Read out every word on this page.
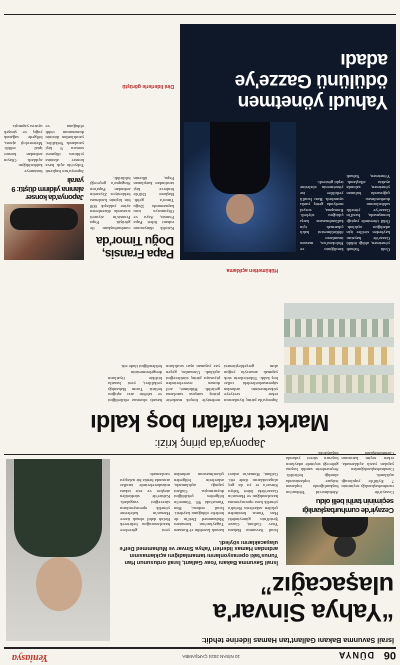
06
DÜNYA
10 NİSAN 2024 ÇARŞAMBA
Yeniasya
İsrail Savunma Bakanı Gallant'tan Hamas liderine tehdit:
“Yahya Sinvar'a ulaşacağız”
İsrail Savunma Bakanı Yoav Gallant, İsrail ordusunun Han Yunus'taki operasyonlarını tamamladığını açıklamasının ardından Hamas liderleri Yahya Sinvar ve Muhammed Deif'e ulaşacaklarını söyledi.
İsrail Savunma Bakanı Yoav Gallant, Gazze Şeridi'nin güneyindeki Han Yunus kentinden çekilen askerlerin Refah'a yönelik kara operasyonuna hazırlandığını ve Hamas'ın Gazze'deki lideri Yahya Sinvar'a er ya da geç ulaşacaklarını ifade etti. Gallant, Hamas'ın askeri kanadı İzzeddin el-Kassam Tugayları'nın komutanı Muhammed Deif'in de hedefte olduğunu kaydetti. İsrail ordusu, Han Yunus'taki 98. Tümen'in bölgeden çekildiğini duyurmuştu. Gallant yaptığı açıklamada, askerlerin bölgeden çıkarılmasının ardından yeni görevlere hazırlanacağını belirterek Refah dahil olmak üzere Hamas'ın kalelerine yönelik operasyonların süreceğini vurguladı. Kahire'de sürdürülen ateşkes ve esir takası müzakerelerinde taraflar arasında henüz bir uzlaşıya varılamadı.
Cezayir'de cumhurbaşkanlığı seçiminin tarihi belli oldu
Cezayir'de cumhurbaşkanlığı seçiminin 7 Eylül'de yapılacağı açıklandı. Cumhurbaşkanlığından yapılan yazılı açıklamada, erken seçim kararının Abdulmecid Tebbun'un başkanlığında toplanan istişare toplantısında alındığı belirtildi. Seçmenlerin sandık başına gideceği seçimde adayların başvuru süreci yakında
Japonya'da pirinç krizi:
Market rafları boş kaldı
Japonya'da pirinç fiyatlarının rekor seviyeye yükselmesinin ardından süpermarketlerdeki raflar boş kaldı. Tüketicilerin stok yapmak amacıyla yoğun alım gerçekleştirmesi nedeniyle birçok markette pirinç satışına sınırlama getirildi. Hükümet, acil durum rezervlerinden piyasaya pirinç sürüleceğini açıkladı. Uzmanlar, geçen yaz yaşanan aşırı sıcakların hasadı olumsuz etkilediğini ve talebin arzı aştığını belirtti. Tarım Bakanlığı yetkilileri, yeni hasatla birlikte fiyatların dengelenmesinin beklendiğini ifade etti.
Hükümetten açıklama
Ünlü Yahudi yönetmen, aldığı ödülü Gazze'de hayatını kaybeden siviller için adadığını açıkladı. Ödül töreninde yaptığı konuşmada, İsrail'in Gazze'ye yönelik saldırılarının durdurulması çağrısında bulunan yönetmen, salonda ayakta alkışlandı. Yönetmen, Yahudi kimliğinin ve Holokost'un, masum insanların öldürülmesini haklı çıkarmak için kullanılmasına karşı çıktığını söyledi. Konuşma, sosyal medyada geniş yankı uyandırdı. Bazı İsrailli yetkililer ise yönetmenin sözlerine tepki gösterdi.
Yahudi yönetmen ödülünü Gazze'ye adadı
Papa Fransis, Doğu Timor'da
Katolik dünyasının ruhani lideri Papa Fransis, Asya ve Okyanusya turu kapsamında Doğu Timor'a geldi. Başkent Dili'de binlerce kişi tarafından karşılanan Papa, ülkenin cumhurbaşkanı ile görüştü. Papa Fransis'in ziyareti sırasında düzenlenen ayine yaklaşık 600 bin kişinin katılması bekleniyor. Ziyaretin ardından Papa'nın Singapur'a geçeceği bildirildi.
Dini liderlerle görüştü
Japonya'da konser alanına yıldırım düştü: 9 yaralı
Japonya'nın başkenti Tokyo'da açık hava konser alanına yıldırım düşmesi sonucu 9 kişi yaralandı. Yetkililer, yaralılardan ikisinin durumunun ciddi olduğunu ve hastaneye kaldırıldığını açıkladı. Olayın ardından konser iptal edildi. Meteoroloji ajansı, bölgede sağanak yağış ve şimşek uyarısı yapmıştı.
